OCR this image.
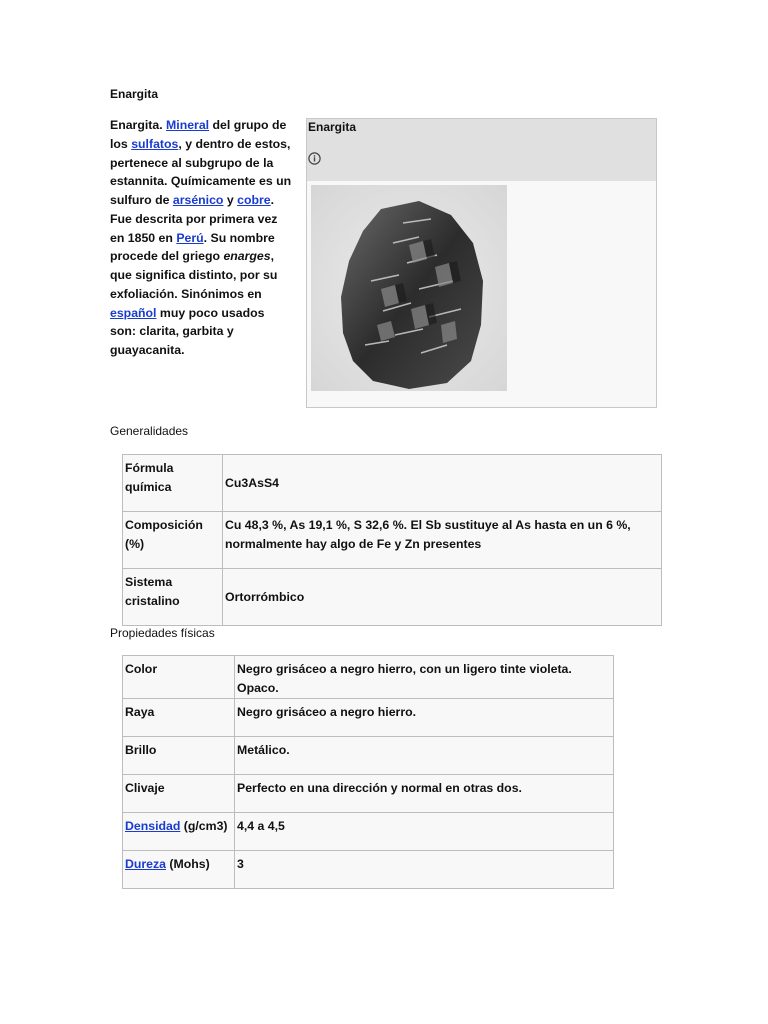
Enargita
Enargita. Mineral del grupo de los sulfatos, y dentro de estos, pertenece al subgrupo de la estannita. Químicamente es un sulfuro de arsénico y cobre. Fue descrita por primera vez en 1850 en Perú. Su nombre procede del griego enarges, que significa distinto, por su exfoliación. Sinónimos en español muy poco usados son: clarita, garbita y guayacanita.
Enargita
Generalidades
Fórmula química	Cu3AsS4
Composición (%)	Cu 48,3 %, As 19,1 %, S 32,6 %. El Sb sustituye al As hasta en un 6 %, normalmente hay algo de Fe y Zn presentes
Sistema cristalino	Ortorrómbico
Propiedades físicas
Color	Negro grisáceo a negro hierro, con un ligero tinte violeta. Opaco.
Raya	Negro grisáceo a negro hierro.
Brillo	Metálico.
Clivaje	Perfecto en una dirección y normal en otras dos.
Densidad (g/cm3)	4,4 a 4,5
Dureza (Mohs)	3
